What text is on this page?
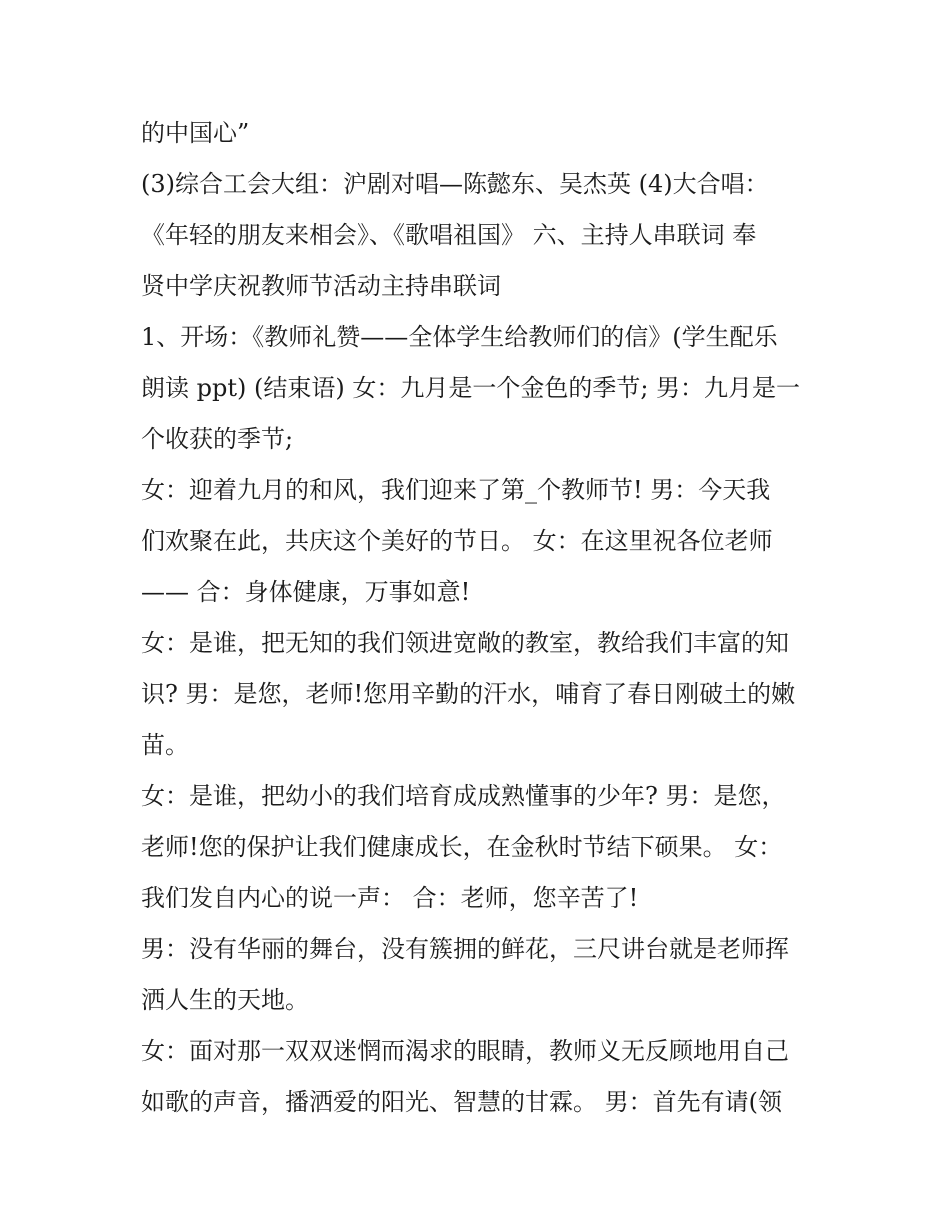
的中国心”
(3)综合工会大组：沪剧对唱—陈懿东、吴杰英 (4)大合唱：
《年轻的朋友来相会》、《歌唱祖国》 六、主持人串联词 奉
贤中学庆祝教师节活动主持串联词
1、开场：《教师礼赞——全体学生给教师们的信》(学生配乐
朗读 ppt) (结束语) 女：九月是一个金色的季节; 男：九月是一
个收获的季节;
女：迎着九月的和风，我们迎来了第_个教师节! 男：今天我
们欢聚在此，共庆这个美好的节日。 女：在这里祝各位老师
—— 合：身体健康，万事如意!
女：是谁，把无知的我们领进宽敞的教室，教给我们丰富的知
识? 男：是您，老师!您用辛勤的汗水，哺育了春日刚破土的嫩
苗。
女：是谁，把幼小的我们培育成成熟懂事的少年? 男：是您，
老师!您的保护让我们健康成长，在金秋时节结下硕果。 女：
我们发自内心的说一声： 合：老师，您辛苦了!
男：没有华丽的舞台，没有簇拥的鲜花，三尺讲台就是老师挥
洒人生的天地。
女：面对那一双双迷惘而渴求的眼睛，教师义无反顾地用自己
如歌的声音，播洒爱的阳光、智慧的甘霖。 男：首先有请(领
